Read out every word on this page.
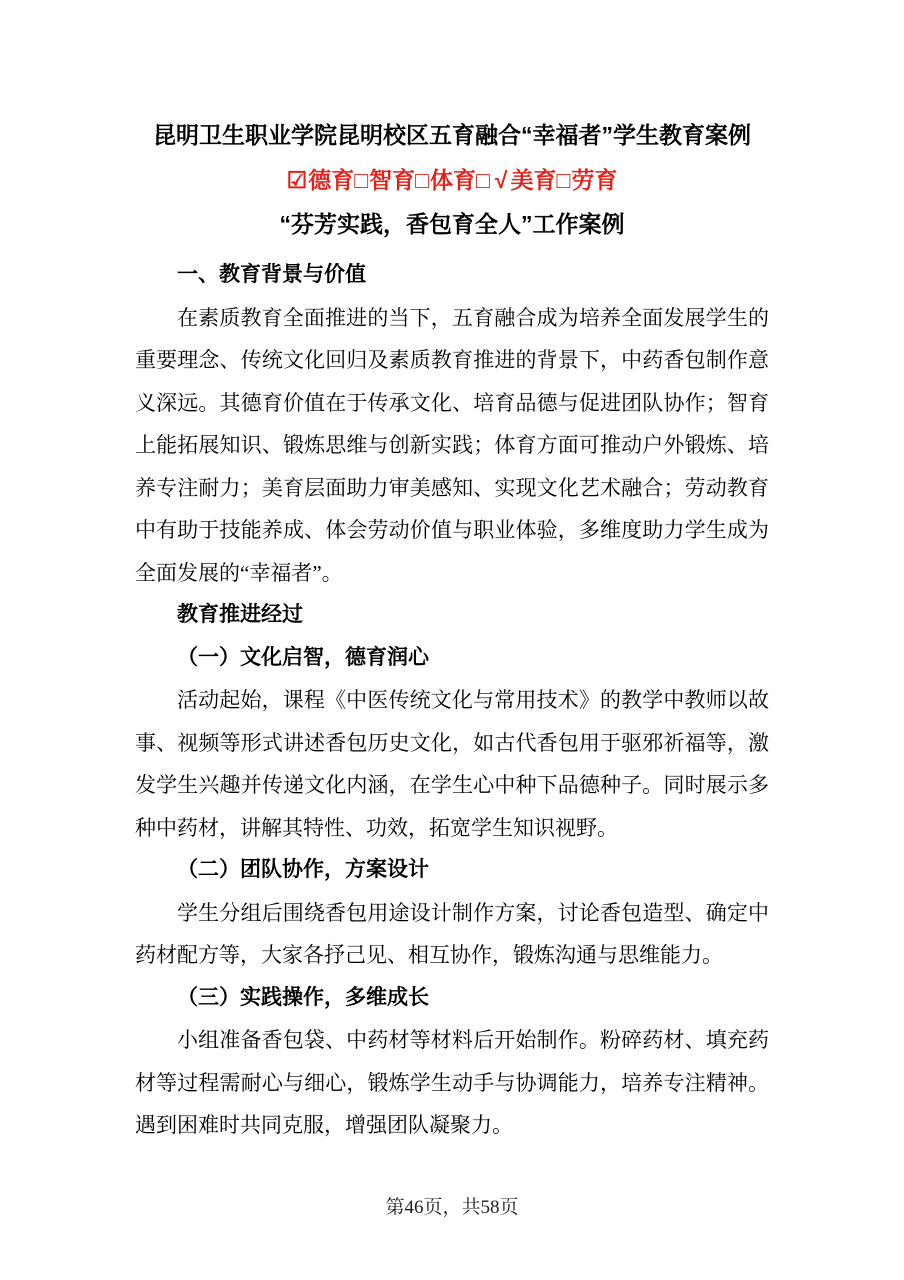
昆明卫生职业学院昆明校区五育融合“幸福者”学生教育案例
☑德育□智育□体育□ √ 美育□劳育
“芬芳实践，香包育全人”工作案例
一、教育背景与价值

在素质教育全面推进的当下，五育融合成为培养全面发展学生的重要理念、传统文化回归及素质教育推进的背景下，中药香包制作意义深远。其德育价值在于传承文化、培育品德与促进团队协作；智育上能拓展知识、锻炼思维与创新实践；体育方面可推动户外锻炼、培养专注耐力；美育层面助力审美感知、实现文化艺术融合；劳动教育中有助于技能养成、体会劳动价值与职业体验，多维度助力学生成为全面发展的“幸福者”。

教育推进经过
（一）文化启智，德育润心

活动起始，课程《中医传统文化与常用技术》的教学中教师以故事、视频等形式讲述香包历史文化，如古代香包用于驱邪祈福等，激发学生兴趣并传递文化内涵，在学生心中种下品德种子。同时展示多种中药材，讲解其特性、功效，拓宽学生知识视野。

（二）团队协作，方案设计

学生分组后围绕香包用途设计制作方案，讨论香包造型、确定中药材配方等，大家各抒己见、相互协作，锻炼沟通与思维能力。

（三）实践操作，多维成长

小组准备香包袋、中药材等材料后开始制作。粉碎药材、填充药材等过程需耐心与细心，锻炼学生动手与协调能力，培养专注精神。遇到困难时共同克服，增强团队凝聚力。

第46页，共58页
